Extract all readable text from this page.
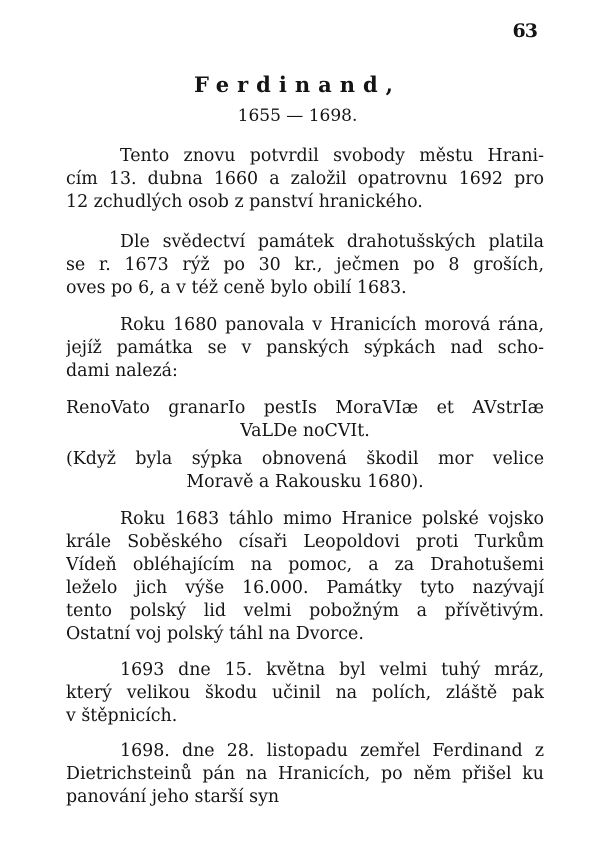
63
Ferdinand,
1655 — 1698.
Tento znovu potvrdil svobody městu Hrani-
cím 13. dubna 1660 a založil opatrovnu 1692 pro
12 zchudlých osob z panství hranického.
Dle svědectví památek drahotušských platila
se r. 1673 rýž po 30 kr., ječmen po 8 groších,
oves po 6, a v též ceně bylo obilí 1683.
Roku 1680 panovala v Hranicích morová rána,
jejíž památka se v panských sýpkách nad scho-
dami nalezá:
RenoVato granarIo pestIs MoraVIæ et AVstrIæ
VaLDe noCVIt.
(Když byla sýpka obnovená škodil mor velice
Moravě a Rakousku 1680).
Roku 1683 táhlo mimo Hranice polské vojsko
krále Soběského císaři Leopoldovi proti Turkům
Vídeň obléhajícím na pomoc, a za Drahotušemi
leželo jich výše 16.000. Památky tyto nazývají
tento polský lid velmi pobožným a přívětivým.
Ostatní voj polský táhl na Dvorce.
1693 dne 15. května byl velmi tuhý mráz,
který velikou škodu učinil na polích, zláště pak
v štěpnicích.
1698. dne 28. listopadu zemřel Ferdinand z
Dietrichsteinů pán na Hranicích, po něm přišel ku
panování jeho starší syn
